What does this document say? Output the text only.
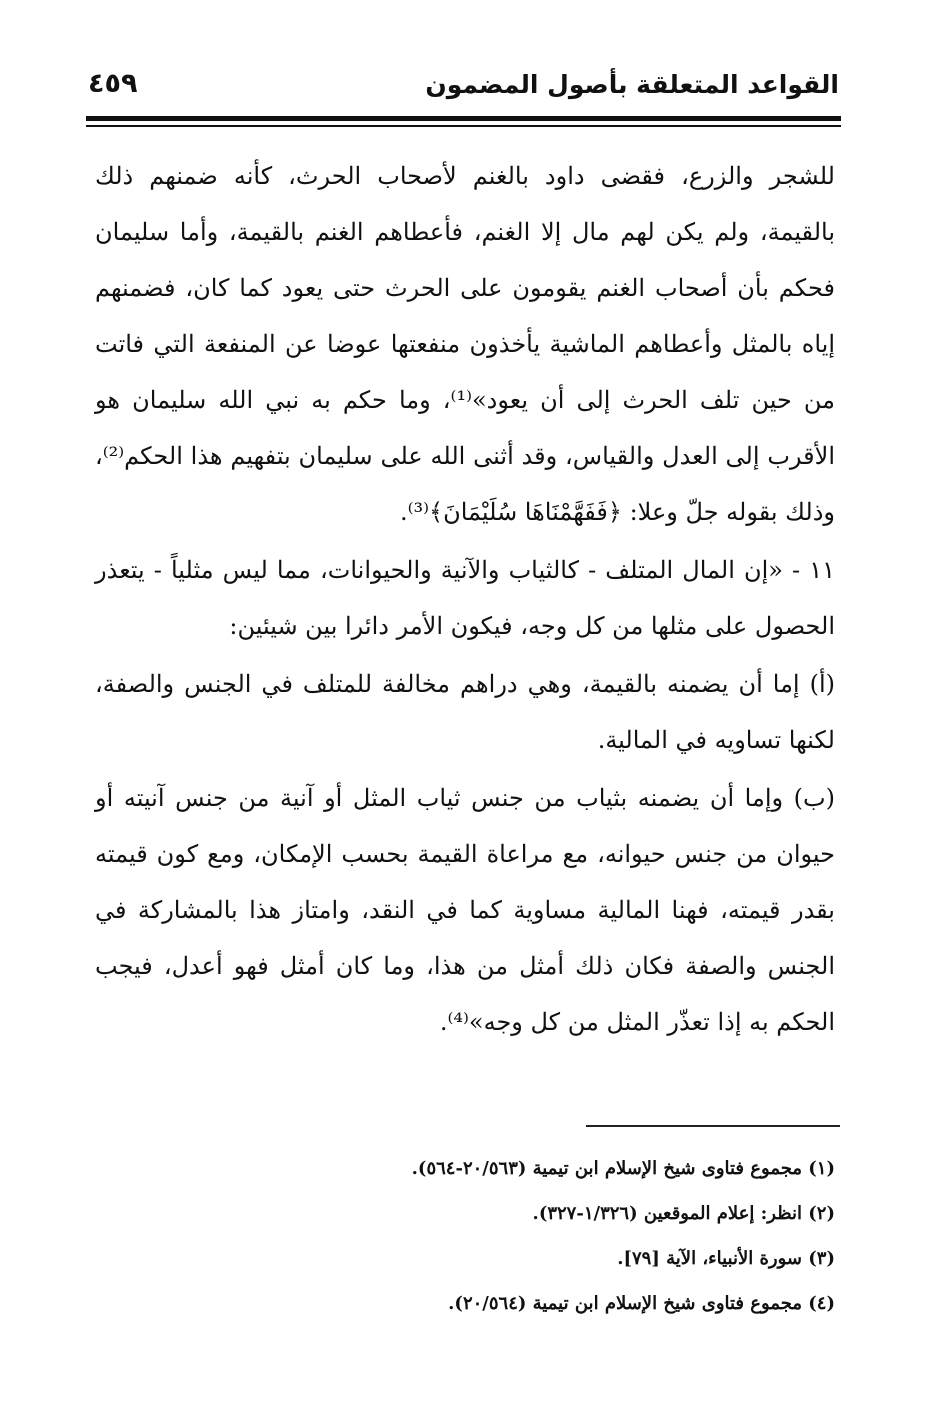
القواعد المتعلقة بأصول المضمون
٤٥٩

للشجر والزرع، فقضى داود بالغنم لأصحاب الحرث، كأنه ضمنهم ذلك بالقيمة، ولم يكن لهم مال إلا الغنم، فأعطاهم الغنم بالقيمة، وأما سليمان فحكم بأن أصحاب الغنم يقومون على الحرث حتى يعود كما كان، فضمنهم إياه بالمثل وأعطاهم الماشية يأخذون منفعتها عوضا عن المنفعة التي فاتت من حين تلف الحرث إلى أن يعود»⁽¹⁾، وما حكم به نبي الله سليمان هو الأقرب إلى العدل والقياس، وقد أثنى الله على سليمان بتفهيم هذا الحكم⁽²⁾، وذلك بقوله جلّ وعلا: ﴿فَفَهَّمْنَاهَا سُلَيْمَانَ﴾⁽³⁾.

١١ - «إن المال المتلف - كالثياب والآنية والحيوانات، مما ليس مثلياً - يتعذر الحصول على مثلها من كل وجه، فيكون الأمر دائرا بين شيئين:

(أ) إما أن يضمنه بالقيمة، وهي دراهم مخالفة للمتلف في الجنس والصفة، لكنها تساويه في المالية.

(ب) وإما أن يضمنه بثياب من جنس ثياب المثل أو آنية من جنس آنيته أو حيوان من جنس حيوانه، مع مراعاة القيمة بحسب الإمكان، ومع كون قيمته بقدر قيمته، فهنا المالية مساوية كما في النقد، وامتاز هذا بالمشاركة في الجنس والصفة فكان ذلك أمثل من هذا، وما كان أمثل فهو أعدل، فيجب الحكم به إذا تعذّر المثل من كل وجه»⁽⁴⁾.

(١) مجموع فتاوى شيخ الإسلام ابن تيمية (٢٠/٥٦٣-٥٦٤).

(٢) انظر: إعلام الموقعين (١/٣٢٦-٣٢٧).

(٣) سورة الأنبياء، الآية [٧٩].

(٤) مجموع فتاوى شيخ الإسلام ابن تيمية (٢٠/٥٦٤).
